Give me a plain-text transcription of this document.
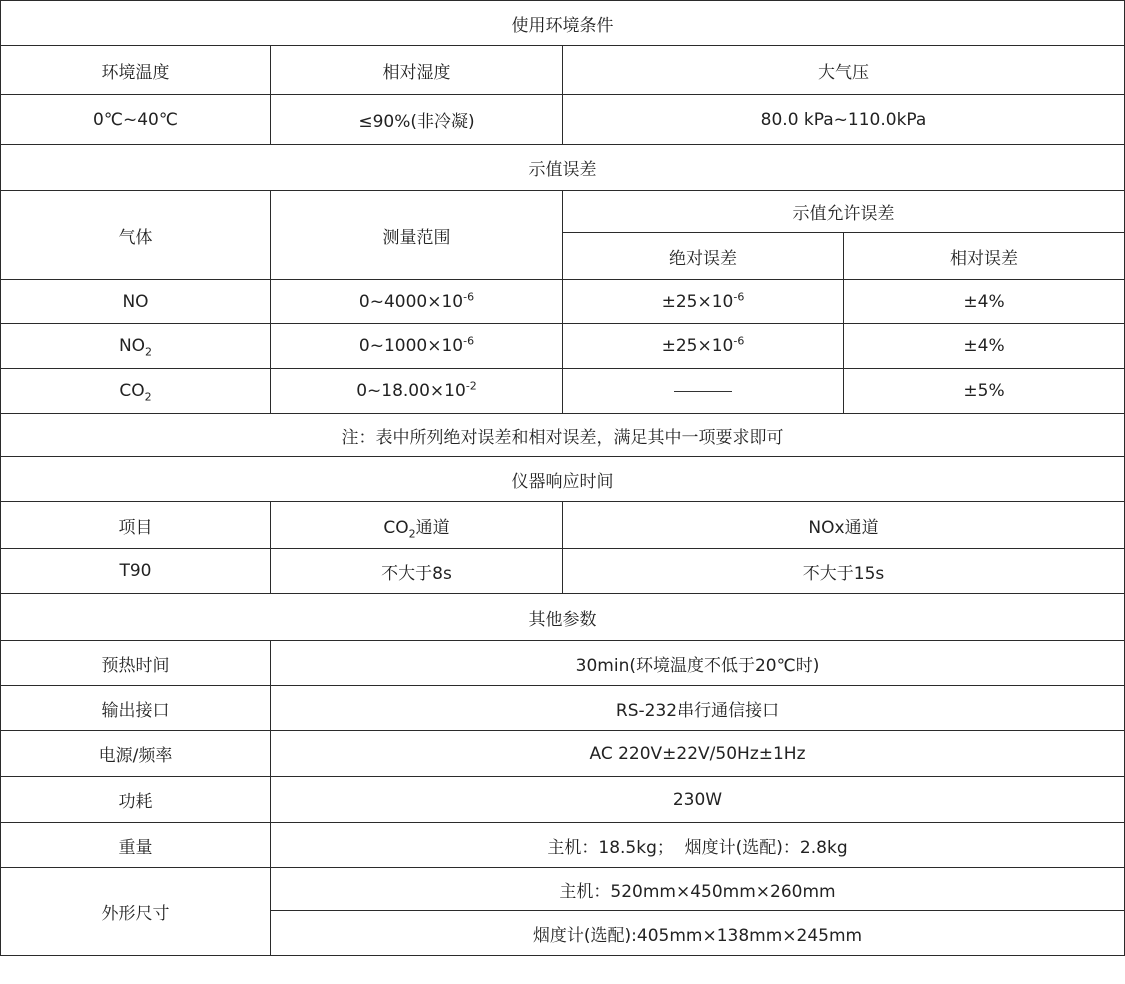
使用环境条件			
环境温度	相对湿度	大气压	
0℃~40℃	≤90%(非冷凝)	80.0 kPa~110.0kPa	
示值误差			
气体	测量范围	示值允许误差	
		绝对误差	相对误差
NO	$0\sim 4000\times 10^{-6}$	$\pm 25\times 10^{-6}$	±4%
$NO_2$	$0\sim 1000\times 10^{-6}$	$\pm 25\times 10^{-6}$	±4%
$CO_2$	$0\sim 18.00\times 10^{-2}$		±5%
注：表中所列绝对误差和相对误差，满足其中一项要求即可			
仪器响应时间			
项目	$CO_2$通道	NOx通道	
T90	不大于8s	不大于15s	
其他参数			
预热时间	30min(环境温度不低于20℃时)		
输出接口	RS-232串行通信接口		
电源/频率	AC 220V±22V/50Hz±1Hz		
功耗	230W		
重量	主机：18.5kg；  烟度计(选配)：2.8kg		
外形尺寸	主机：520mm×450mm×260mm		
	烟度计(选配):405mm×138mm×245mm		
